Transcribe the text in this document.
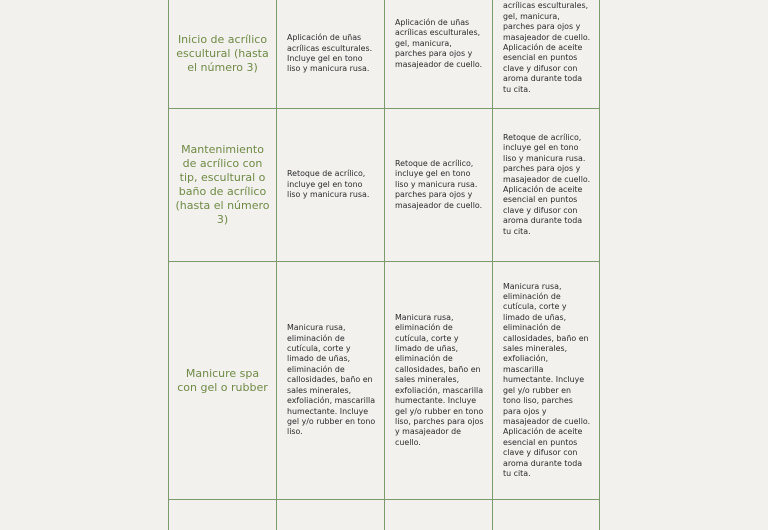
Inicio de acrílico escultural (hasta el número 3)
Aplicación de uñas acrílicas esculturales. Incluye gel en tono liso y manicura rusa.
Aplicación de uñas acrílicas esculturales, gel, manicura, parches para ojos y masajeador de cuello.
acrílicas esculturales, gel, manicura, parches para ojos y masajeador de cuello. Aplicación de aceite esencial en puntos clave y difusor con aroma durante toda tu cita.
Mantenimiento de acrílico con tip, escultural o baño de acrílico (hasta el número 3)
Retoque de acrílico, incluye gel en tono liso y manicura rusa.
Retoque de acrílico, incluye gel en tono liso y manicura rusa. parches para ojos y masajeador de cuello.
Retoque de acrílico, incluye gel en tono liso y manicura rusa. parches para ojos y masajeador de cuello. Aplicación de aceite esencial en puntos clave y difusor con aroma durante toda tu cita.
Manicure spa con gel o rubber
Manicura rusa, eliminación de cutícula, corte y limado de uñas, eliminación de callosidades, baño en sales minerales, exfoliación, mascarilla humectante. Incluye gel y/o rubber en tono liso.
Manicura rusa, eliminación de cutícula, corte y limado de uñas, eliminación de callosidades, baño en sales minerales, exfoliación, mascarilla humectante. Incluye gel y/o rubber en tono liso, parches para ojos y masajeador de cuello.
Manicura rusa, eliminación de cutícula, corte y limado de uñas, eliminación de callosidades, baño en sales minerales, exfoliación, mascarilla humectante. Incluye gel y/o rubber en tono liso, parches para ojos y masajeador de cuello. Aplicación de aceite esencial en puntos clave y difusor con aroma durante toda tu cita.
